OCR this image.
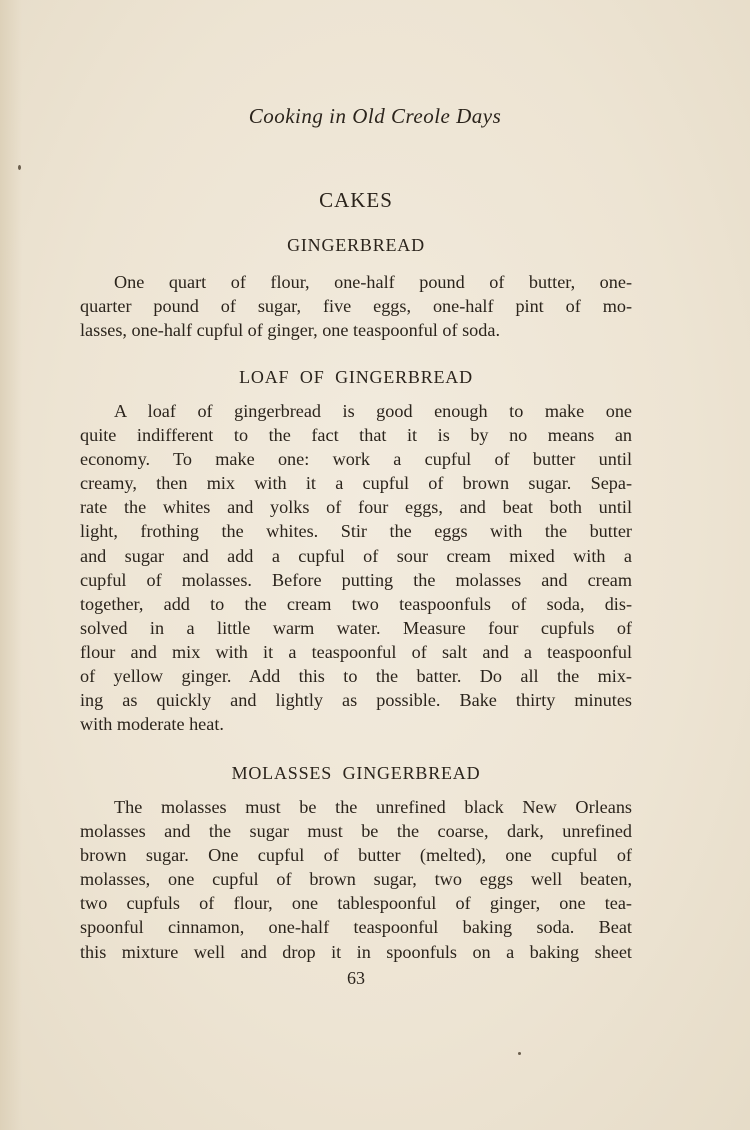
Cooking in Old Creole Days
CAKES
GINGERBREAD
One quart of flour, one-half pound of butter, one-
quarter pound of sugar, five eggs, one-half pint of mo-
lasses, one-half cupful of ginger, one teaspoonful of soda.
LOAF  OF  GINGERBREAD
A loaf of gingerbread is good enough to make one
quite indifferent to the fact that it is by no means an
economy. To make one: work a cupful of butter until
creamy, then mix with it a cupful of brown sugar. Sepa-
rate the whites and yolks of four eggs, and beat both until
light, frothing the whites. Stir the eggs with the butter
and sugar and add a cupful of sour cream mixed with a
cupful of molasses. Before putting the molasses and cream
together, add to the cream two teaspoonfuls of soda, dis-
solved in a little warm water. Measure four cupfuls of
flour and mix with it a teaspoonful of salt and a teaspoonful
of yellow ginger. Add this to the batter. Do all the mix-
ing as quickly and lightly as possible. Bake thirty minutes
with moderate heat.
MOLASSES  GINGERBREAD
The molasses must be the unrefined black New Orleans
molasses and the sugar must be the coarse, dark, unrefined
brown sugar. One cupful of butter (melted), one cupful of
molasses, one cupful of brown sugar, two eggs well beaten,
two cupfuls of flour, one tablespoonful of ginger, one tea-
spoonful cinnamon, one-half teaspoonful baking soda. Beat
this mixture well and drop it in spoonfuls on a baking sheet
63
